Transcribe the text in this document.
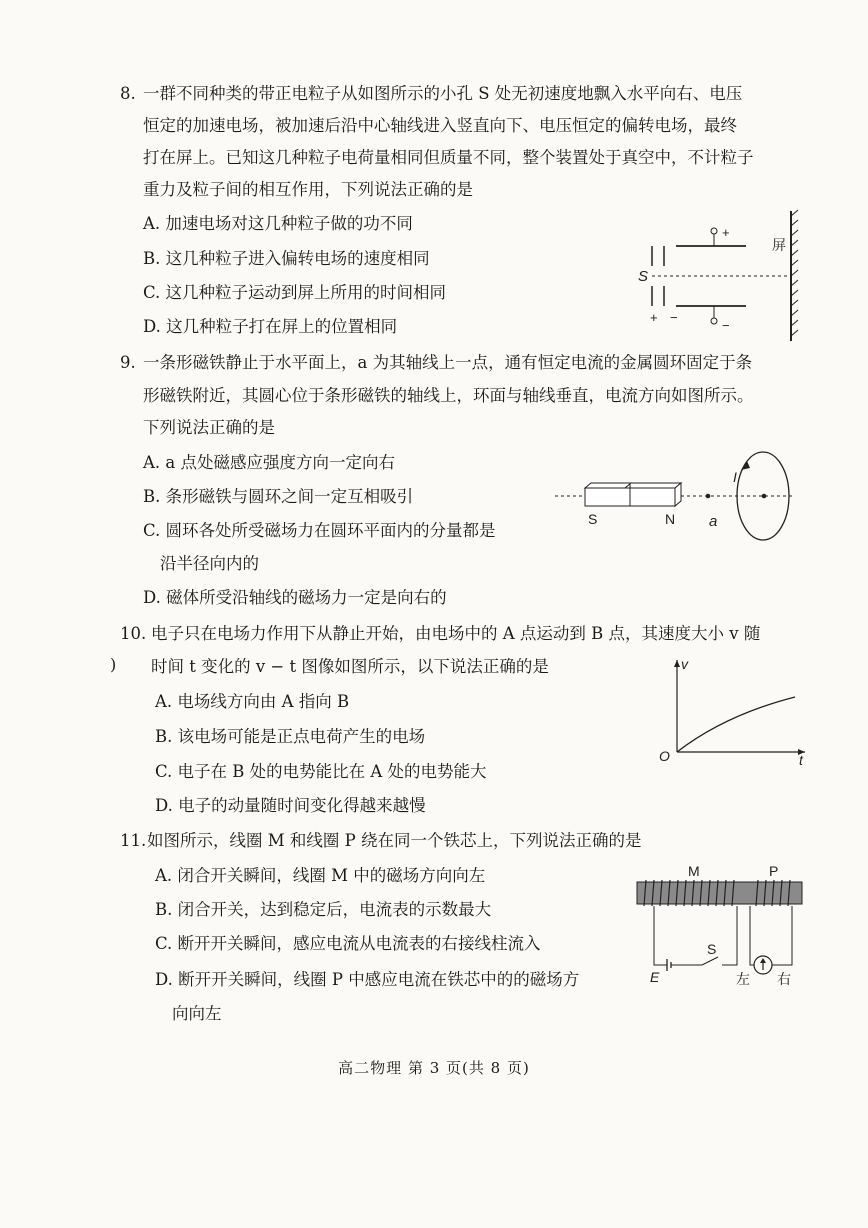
8. 一群不同种类的带正电粒子从如图所示的小孔 S 处无初速度地飘入水平向右、电压
恒定的加速电场，被加速后沿中心轴线进入竖直向下、电压恒定的偏转电场，最终
打在屏上。已知这几种粒子电荷量相同但质量不同，整个装置处于真空中，不计粒子
重力及粒子间的相互作用，下列说法正确的是
A. 加速电场对这几种粒子做的功不同
B. 这几种粒子进入偏转电场的速度相同
C. 这几种粒子运动到屏上所用的时间相同
D. 这几种粒子打在屏上的位置相同
屏
S
+
−
+ −
9. 一条形磁铁静止于水平面上，a 为其轴线上一点，通有恒定电流的金属圆环固定于条
形磁铁附近，其圆心位于条形磁铁的轴线上，环面与轴线垂直，电流方向如图所示。
下列说法正确的是
A. a 点处磁感应强度方向一定向右
B. 条形磁铁与圆环之间一定互相吸引
C. 圆环各处所受磁场力在圆环平面内的分量都是
沿半径向内的
D. 磁体所受沿轴线的磁场力一定是向右的
S	N a
I
10. 电子只在电场力作用下从静止开始，由电场中的 A 点运动到 B 点，其速度大小 v 随
时间 t 变化的 v − t 图像如图所示，以下说法正确的是
A. 电场线方向由 A 指向 B
B. 该电场可能是正点电荷产生的电场
C. 电子在 B 处的电势能比在 A 处的电势能大
D. 电子的动量随时间变化得越来越慢
O
v
t
11. 如图所示，线圈 M 和线圈 P 绕在同一个铁芯上，下列说法正确的是
A. 闭合开关瞬间，线圈 M 中的磁场方向向左
B. 闭合开关，达到稳定后，电流表的示数最大
C. 断开开关瞬间，感应电流从电流表的右接线柱流入
D. 断开开关瞬间，线圈 P 中感应电流在铁芯中的的磁场方
向向左
M	P
S
E	左 右
)
高二物理 第 3 页(共 8 页)
